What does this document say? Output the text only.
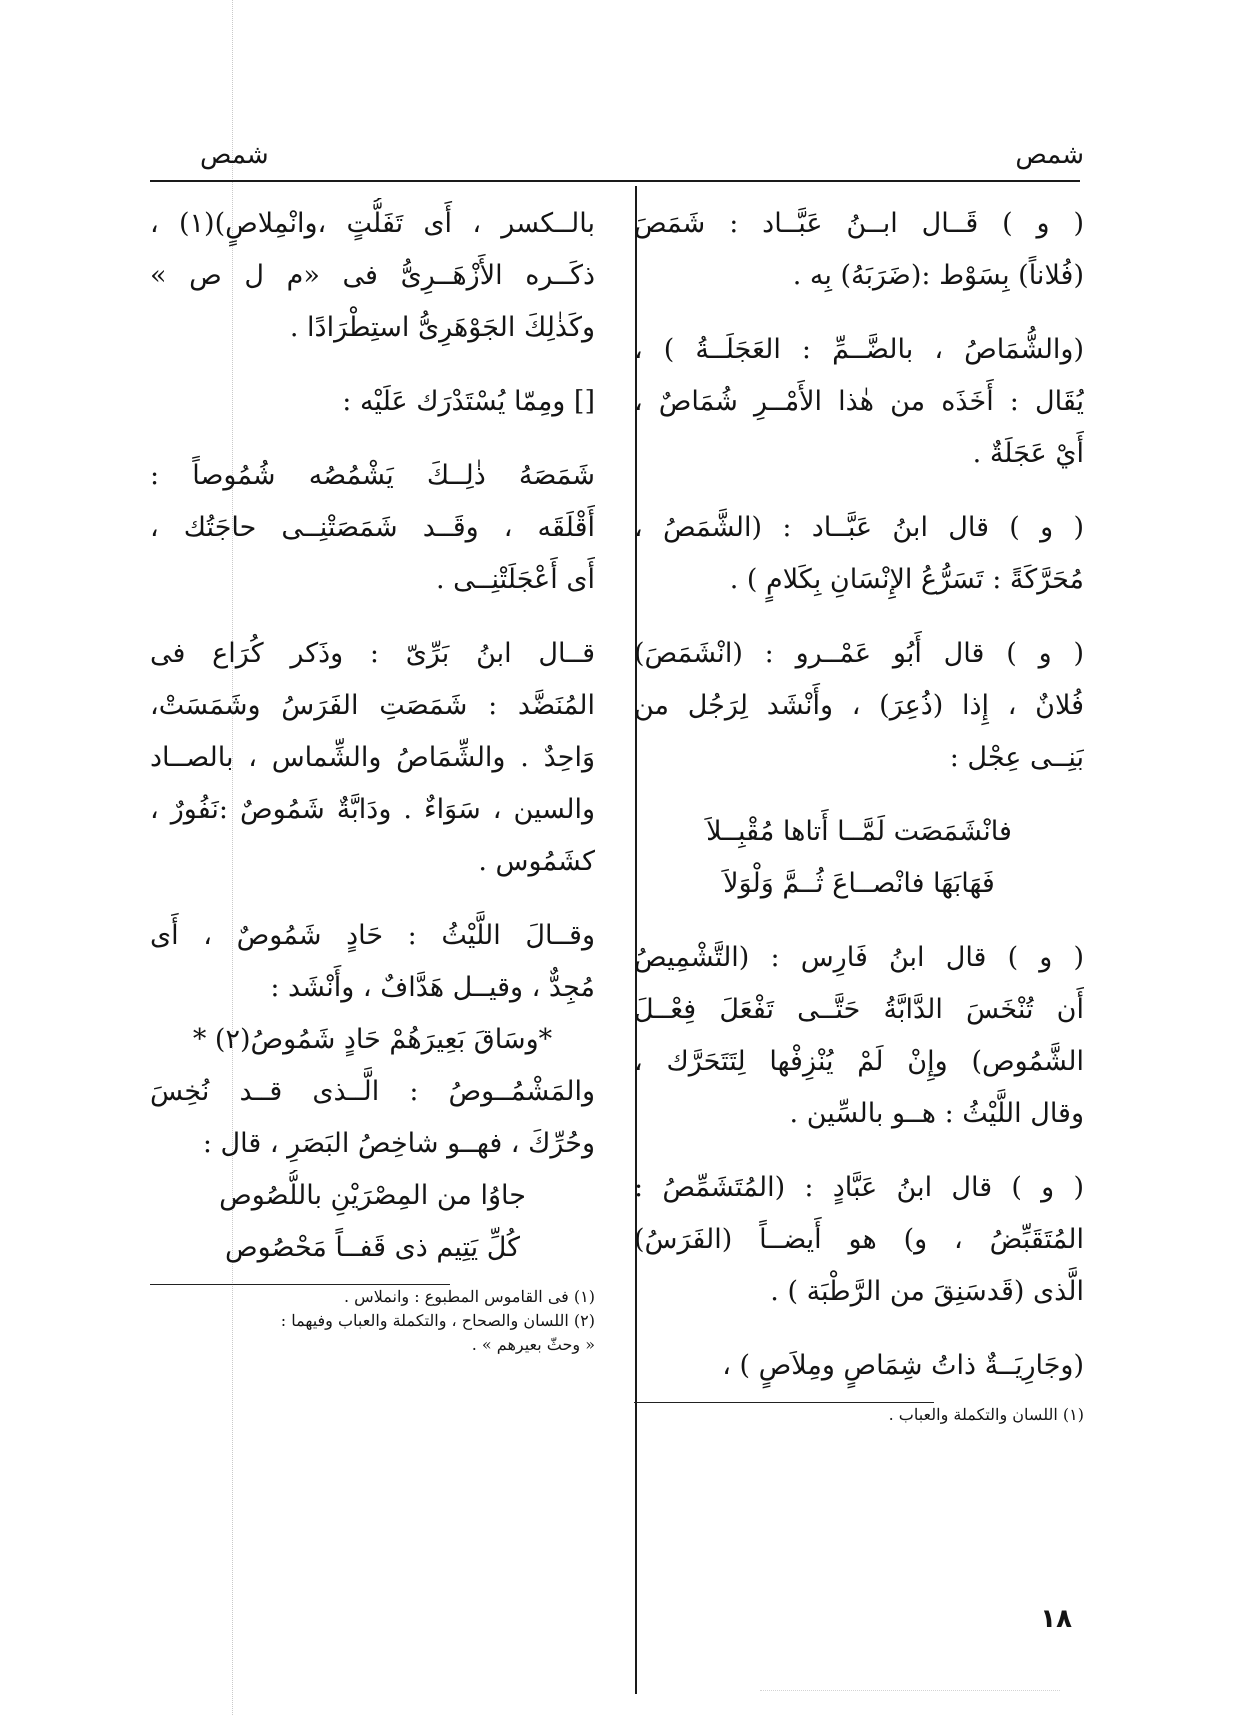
شمص
شمص
( و ) قَــال ابــنُ عَبَّــاد : شَمَصَ
(فُلاناً) بِسَوْط :(ضَرَبَهُ) بِه .
(والشُّمَاصُ ، بالضَّــمِّ : العَجَلَــةُ ) ،
يُقَال : أَخَذَه من هٰذا الأَمْــرِ شُمَاصٌ ،
أَيْ عَجَلَةٌ .
( و ) قال ابنُ عَبَّــاد : (الشَّمَصُ ،
مُحَرَّكَةً : تَسَرُّعُ الإِنْسَانِ بِكَلامٍ ) .
( و ) قال أَبُو عَمْــرو : (انْشَمَصَ)
فُلانٌ ، إِذا (ذُعِرَ) ، وأَنْشَد لِرَجُل من
بَنِــى عِجْل :
فانْشَمَصَت لَمَّــا أَتاها مُقْبِــلاَ
فَهَابَهَا فانْصــاعَ ثُــمَّ وَلْوَلاَ
( و ) قال ابنُ فَارِس : (التَّشْمِيصُ
أَن تُنْخَسَ الدَّابَّةُ حَتَّــى تَفْعَلَ فِعْــلَ
الشَّمُوص) وإِنْ لَمْ يُنْزِفْها لِتَتَحَرَّك ،
وقال اللَّيْثُ : هــو بالسِّين .
( و ) قال ابنُ عَبَّادٍ : (المُتَشَمِّصُ :
المُتَقَبِّضُ ، و) هو أَيضــاً (الفَرَسُ)
الَّذى (قَدسَنِقَ من الرَّطْبَة ) .
(وجَارِيَــةٌ ذاتُ شِمَاصٍ ومِلاَصٍ ) ،
(١) اللسان والتكملة والعباب .
بالــكسر ، أَى تَفَلُّتٍ ،وانْمِلاصٍ)(١) ،
ذكَــره الأَزْهَــرِىُّ فى «م ل ص »
وكَذٰلِكَ الجَوْهَرِىُّ استِطْرَادًا .
[] ومِمّا يُسْتَدْرَك عَلَيْه :
شَمَصَهُ ذٰلِــكَ يَشْمُصُه شُمُوصاً :
أَقْلَقَه ، وقَــد شَمَصَتْنِــى حاجَتُك ،
أَى أَعْجَلَتْنِــى .
قــال ابنُ بَرِّىّ : وذَكر كُرَاع فى
المُنَضَّد : شَمَصَتِ الفَرَسُ وشَمَسَتْ،
وَاحِدٌ . والشِّمَاصُ والشِّماس ، بالصــاد
والسين ، سَوَاءٌ . ودَابَّةٌ شَمُوصٌ :نَفُورٌ ،
كشَمُوس .
وقــالَ اللَّيْثُ : حَادٍ شَمُوصٌ ، أَى
مُجِدٌّ ، وقيــل هَدَّافٌ ، وأَنْشَد :
*وسَاقَ بَعِيرَهُمْ حَادٍ شَمُوصُ(٢) *
والمَشْمُــوصُ : الَّــذى قــد نُخِسَ
وحُرِّكَ ، فهــو شاخِصُ البَصَرِ ، قال :
جاوُا من المِصْرَيْنِ باللُّصُوص
كُلِّ يَتِيم ذى قَفــاً مَحْصُوص
(١) فى القاموس المطبوع : وانملاس .
(٢) اللسان والصحاح ، والتكملة والعباب وفيهما :
« وحثّ بعيرهم » .
١٨
